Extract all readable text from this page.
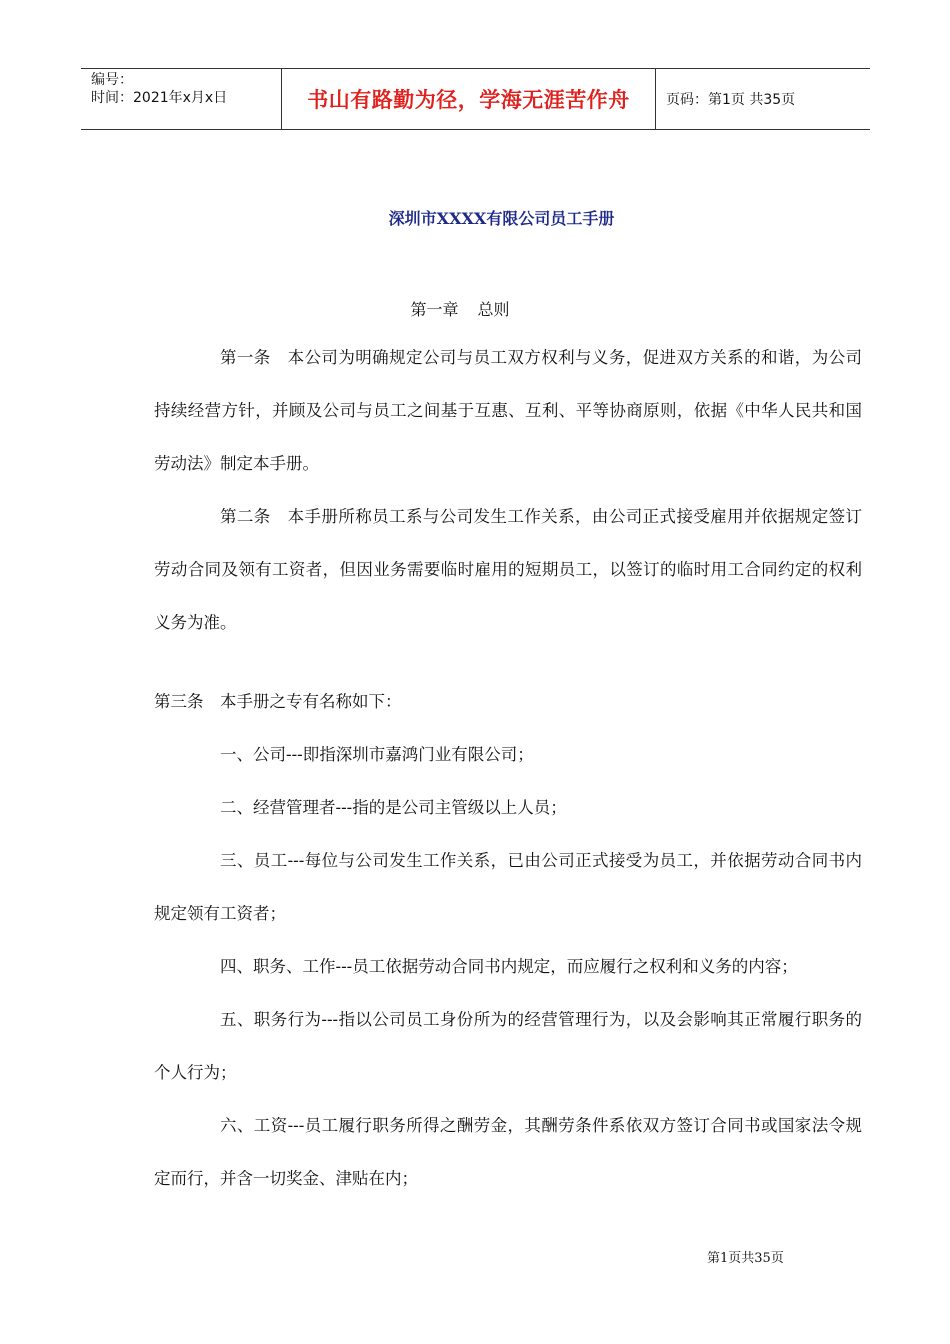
编号：
时间：2021年x月x日	书山有路勤为径，学海无涯苦作舟	页码：第1页 共35页
深圳市XXXX有限公司员工手册
第一章 总则

第一条　本公司为明确规定公司与员工双方权利与义务，促进双方关系的和谐，为公司持续经营方针，并顾及公司与员工之间基于互惠、互利、平等协商原则，依据《中华人民共和国劳动法》制定本手册。

第二条　本手册所称员工系与公司发生工作关系，由公司正式接受雇用并依据规定签订劳动合同及领有工资者，但因业务需要临时雇用的短期员工，以签订的临时用工合同约定的权利义务为准。

第三条　本手册之专有名称如下：

一、公司---即指深圳市嘉鸿门业有限公司；

二、经营管理者---指的是公司主管级以上人员；

三、员工---每位与公司发生工作关系，已由公司正式接受为员工，并依据劳动合同书内规定领有工资者；

四、职务、工作---员工依据劳动合同书内规定，而应履行之权利和义务的内容；

五、职务行为---指以公司员工身份所为的经营管理行为，以及会影响其正常履行职务的个人行为；

六、工资---员工履行职务所得之酬劳金，其酬劳条件系依双方签订合同书或国家法令规定而行，并含一切奖金、津贴在内；

第1页共35页
